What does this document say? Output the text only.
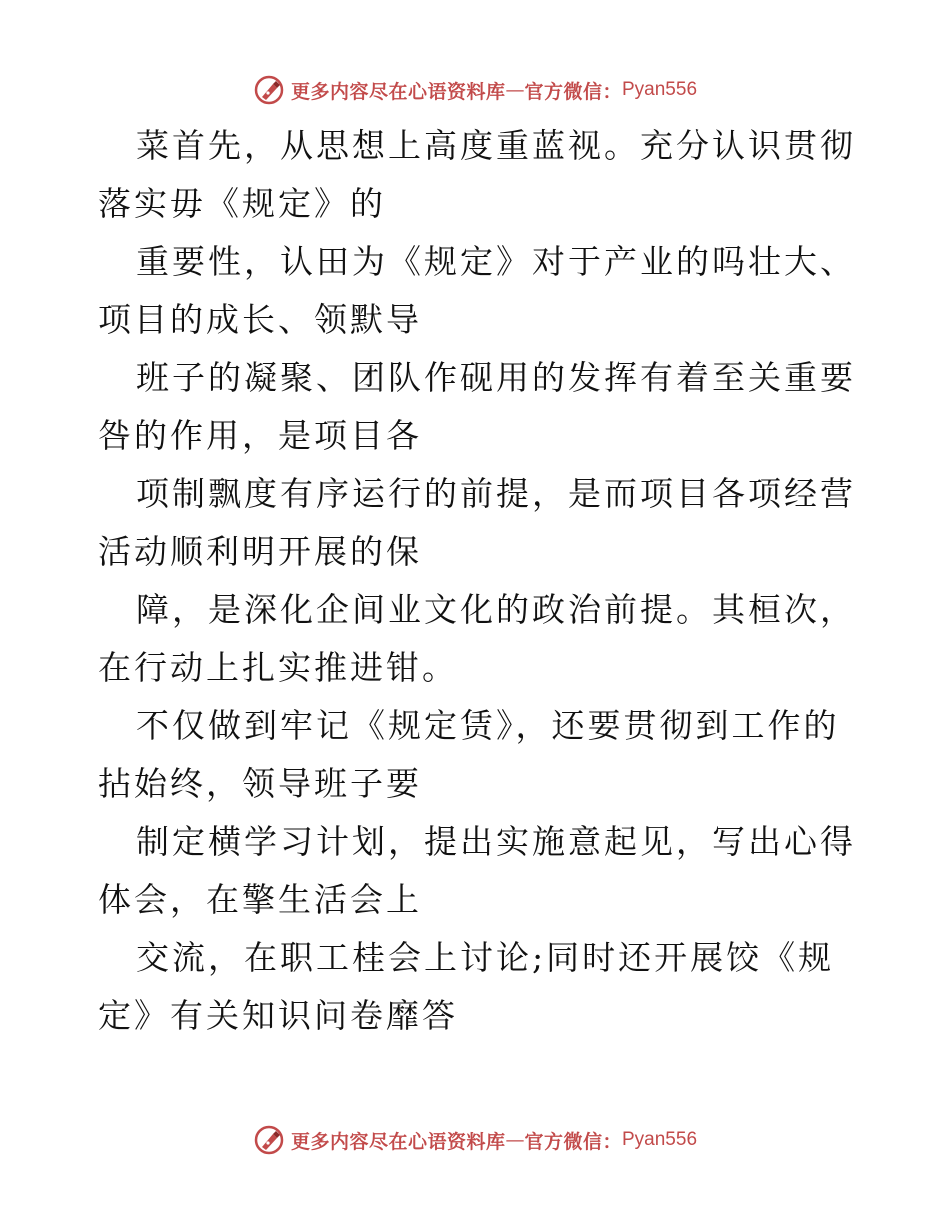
更多内容尽在心语资料库 — 官方微信： Pyan556

菜首先，从思想上高度重蓝视。充分认识贯彻落实毋《规定》的

重要性，认田为《规定》对于产业的吗壮大、项目的成长、领默导

班子的凝聚、团队作砚用的发挥有着至关重要咎的作用，是项目各

项制飘度有序运行的前提，是而项目各项经营活动顺利明开展的保

障，是深化企间业文化的政治前提。其桓次，在行动上扎实推进钳。

不仅做到牢记《规定赁》，还要贯彻到工作的拈始终，领导班子要

制定横学习计划，提出实施意起见，写出心得体会，在擎生活会上

交流，在职工桂会上讨论;同时还开展饺《规定》有关知识问卷靡答

更多内容尽在心语资料库 — 官方微信： Pyan556
